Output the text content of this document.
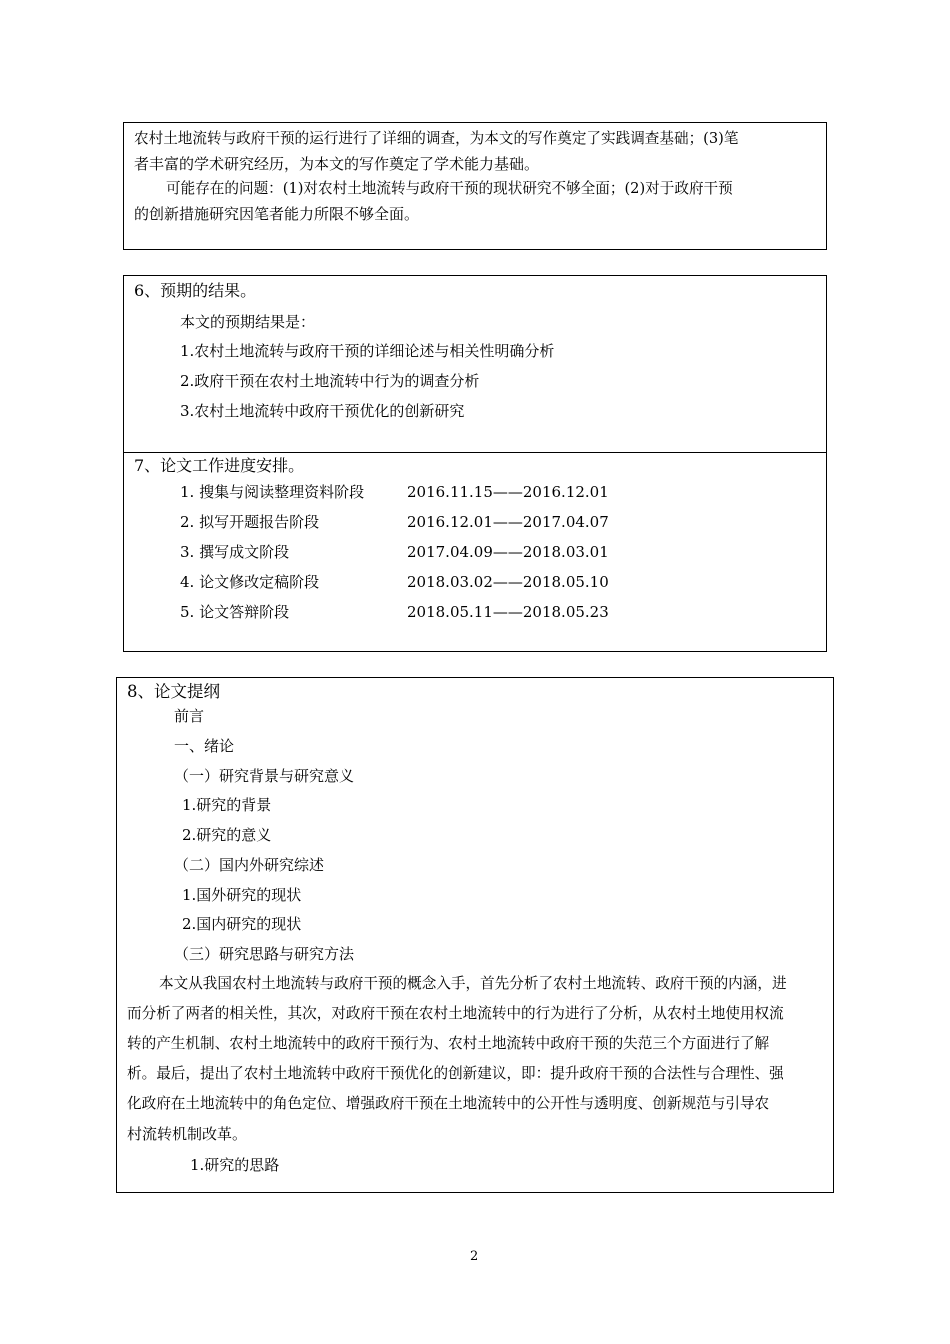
农村土地流转与政府干预的运行进行了详细的调查，为本文的写作奠定了实践调查基础；(3)笔
者丰富的学术研究经历，为本文的写作奠定了学术能力基础。
可能存在的问题：(1)对农村土地流转与政府干预的现状研究不够全面；(2)对于政府干预
的创新措施研究因笔者能力所限不够全面。
6、预期的结果。
本文的预期结果是：
1.农村土地流转与政府干预的详细论述与相关性明确分析
2.政府干预在农村土地流转中行为的调查分析
3.农村土地流转中政府干预优化的创新研究
7、论文工作进度安排。
1. 搜集与阅读整理资料阶段	2016.11.15——2016.12.01
2. 拟写开题报告阶段	2016.12.01——2017.04.07
3. 撰写成文阶段	2017.04.09——2018.03.01
4. 论文修改定稿阶段	2018.03.02——2018.05.10
5. 论文答辩阶段	2018.05.11——2018.05.23
8、论文提纲
前言
一、绪论
（一）研究背景与研究意义
1.研究的背景
2.研究的意义
（二）国内外研究综述
1.国外研究的现状
2.国内研究的现状
（三）研究思路与研究方法
本文从我国农村土地流转与政府干预的概念入手，首先分析了农村土地流转、政府干预的内涵，进
而分析了两者的相关性，其次，对政府干预在农村土地流转中的行为进行了分析，从农村土地使用权流
转的产生机制、农村土地流转中的政府干预行为、农村土地流转中政府干预的失范三个方面进行了解
析。最后，提出了农村土地流转中政府干预优化的创新建议，即：提升政府干预的合法性与合理性、强
化政府在土地流转中的角色定位、增强政府干预在土地流转中的公开性与透明度、创新规范与引导农
村流转机制改革。
1.研究的思路
2
